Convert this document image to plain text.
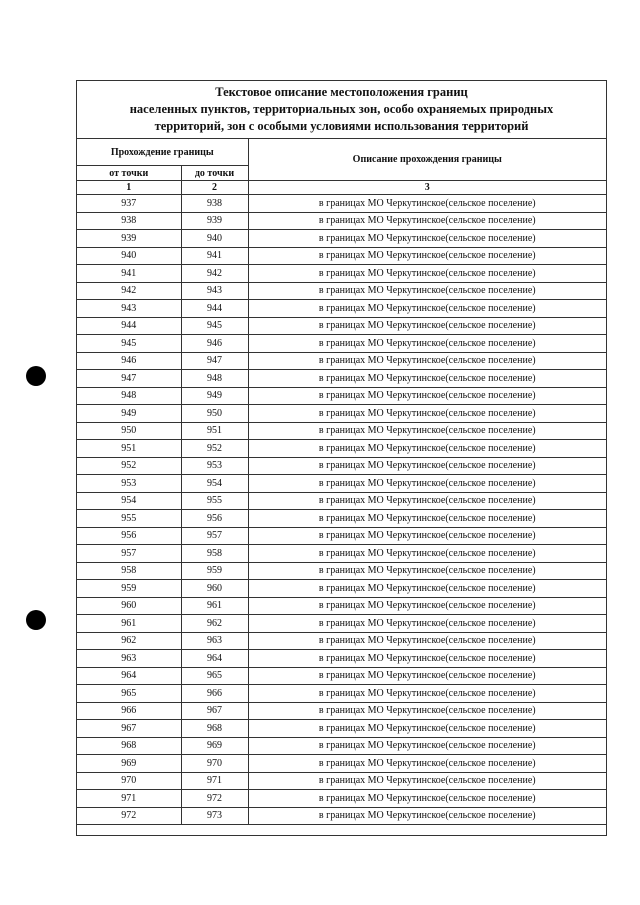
Текстовое описание местоположения границ
населенных пунктов, территориальных зон, особо охраняемых природных
территорий, зон с особыми условиями использования территорий
Прохождение границы		Описание прохождения границы
от точки	до точки	
1	2	3
937	938	в границах МО Черкутинское(сельское поселение)
938	939	в границах МО Черкутинское(сельское поселение)
939	940	в границах МО Черкутинское(сельское поселение)
940	941	в границах МО Черкутинское(сельское поселение)
941	942	в границах МО Черкутинское(сельское поселение)
942	943	в границах МО Черкутинское(сельское поселение)
943	944	в границах МО Черкутинское(сельское поселение)
944	945	в границах МО Черкутинское(сельское поселение)
945	946	в границах МО Черкутинское(сельское поселение)
946	947	в границах МО Черкутинское(сельское поселение)
947	948	в границах МО Черкутинское(сельское поселение)
948	949	в границах МО Черкутинское(сельское поселение)
949	950	в границах МО Черкутинское(сельское поселение)
950	951	в границах МО Черкутинское(сельское поселение)
951	952	в границах МО Черкутинское(сельское поселение)
952	953	в границах МО Черкутинское(сельское поселение)
953	954	в границах МО Черкутинское(сельское поселение)
954	955	в границах МО Черкутинское(сельское поселение)
955	956	в границах МО Черкутинское(сельское поселение)
956	957	в границах МО Черкутинское(сельское поселение)
957	958	в границах МО Черкутинское(сельское поселение)
958	959	в границах МО Черкутинское(сельское поселение)
959	960	в границах МО Черкутинское(сельское поселение)
960	961	в границах МО Черкутинское(сельское поселение)
961	962	в границах МО Черкутинское(сельское поселение)
962	963	в границах МО Черкутинское(сельское поселение)
963	964	в границах МО Черкутинское(сельское поселение)
964	965	в границах МО Черкутинское(сельское поселение)
965	966	в границах МО Черкутинское(сельское поселение)
966	967	в границах МО Черкутинское(сельское поселение)
967	968	в границах МО Черкутинское(сельское поселение)
968	969	в границах МО Черкутинское(сельское поселение)
969	970	в границах МО Черкутинское(сельское поселение)
970	971	в границах МО Черкутинское(сельское поселение)
971	972	в границах МО Черкутинское(сельское поселение)
972	973	в границах МО Черкутинское(сельское поселение)
